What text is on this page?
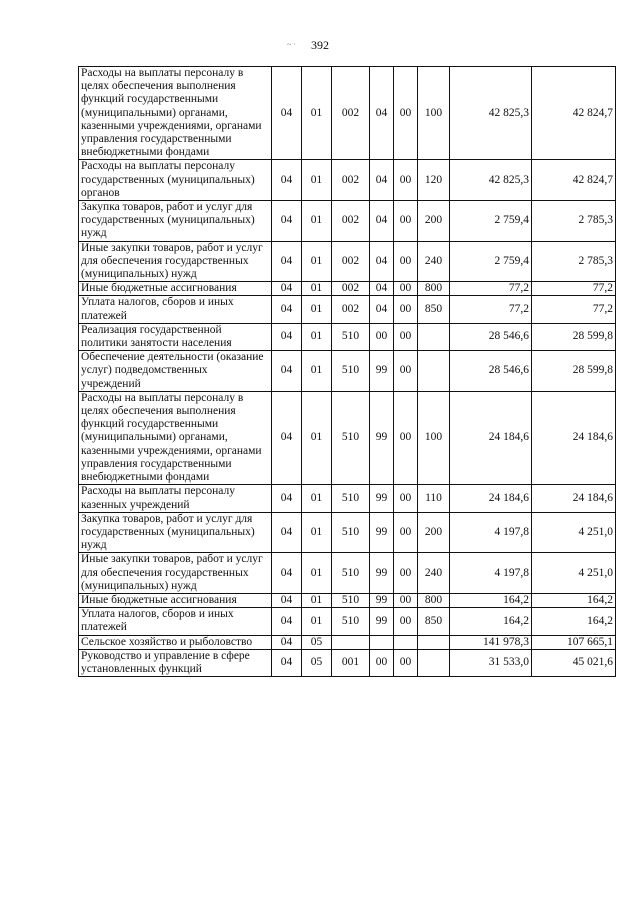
~ ·	392
Расходы на выплаты персоналу в целях обеспечения выполнения функций государственными (муниципальными) органами, казенными учреждениями, органами управления государственными внебюджетными фондами	04	01	002	04	00	100	42 825,3	42 824,7
Расходы на выплаты персоналу государственных (муниципальных) органов	04	01	002	04	00	120	42 825,3	42 824,7
Закупка товаров, работ и услуг для государственных (муниципальных) нужд	04	01	002	04	00	200	2 759,4	2 785,3
Иные закупки товаров, работ и услуг для обеспечения государственных (муниципальных) нужд	04	01	002	04	00	240	2 759,4	2 785,3
Иные бюджетные ассигнования	04	01	002	04	00	800	77,2	77,2
Уплата налогов, сборов и иных платежей	04	01	002	04	00	850	77,2	77,2
Реализация государственной политики занятости населения	04	01	510	00	00		28 546,6	28 599,8
Обеспечение деятельности (оказание услуг) подведомственных учреждений	04	01	510	99	00		28 546,6	28 599,8
Расходы на выплаты персоналу в целях обеспечения выполнения функций государственными (муниципальными) органами, казенными учреждениями, органами управления государственными внебюджетными фондами	04	01	510	99	00	100	24 184,6	24 184,6
Расходы на выплаты персоналу казенных учреждений	04	01	510	99	00	110	24 184,6	24 184,6
Закупка товаров, работ и услуг для государственных (муниципальных) нужд	04	01	510	99	00	200	4 197,8	4 251,0
Иные закупки товаров, работ и услуг для обеспечения государственных (муниципальных) нужд	04	01	510	99	00	240	4 197,8	4 251,0
Иные бюджетные ассигнования	04	01	510	99	00	800	164,2	164,2
Уплата налогов, сборов и иных платежей	04	01	510	99	00	850	164,2	164,2
Сельское хозяйство и рыболовство	04	05					141 978,3	107 665,1
Руководство и управление в сфере установленных функций	04	05	001	00	00		31 533,0	45 021,6
